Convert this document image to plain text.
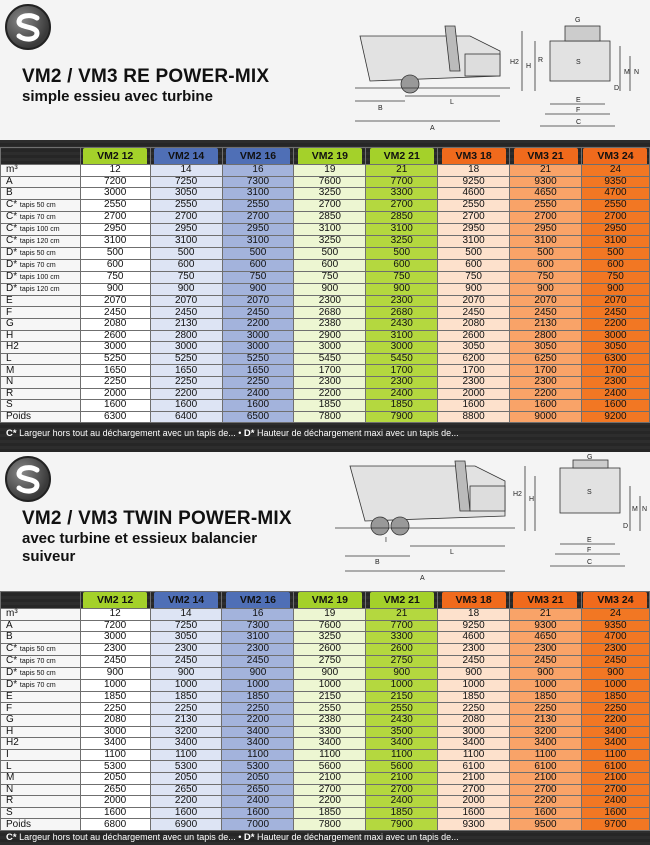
VM2 / VM3 RE POWER-MIX
simple essieu avec turbine
H2
H
R
B
L
A
G
S
E
D
M N
F
C
	VM2 12	VM2 14	VM2 16	VM2 19	VM2 21	VM3 18	VM3 21	VM3 24
m³	12	14	16	19	21	18	21	24
A	7200	7250	7300	7600	7700	9250	9300	9350
B	3000	3050	3100	3250	3300	4600	4650	4700
C* tapis 50 cm	2550	2550	2550	2700	2700	2550	2550	2550
C* tapis 70 cm	2700	2700	2700	2850	2850	2700	2700	2700
C* tapis 100 cm	2950	2950	2950	3100	3100	2950	2950	2950
C* tapis 120 cm	3100	3100	3100	3250	3250	3100	3100	3100
D* tapis 50 cm	500	500	500	500	500	500	500	500
D* tapis 70 cm	600	600	600	600	600	600	600	600
D* tapis 100 cm	750	750	750	750	750	750	750	750
D* tapis 120 cm	900	900	900	900	900	900	900	900
E	2070	2070	2070	2300	2300	2070	2070	2070
F	2450	2450	2450	2680	2680	2450	2450	2450
G	2080	2130	2200	2380	2430	2080	2130	2200
H	2600	2800	3000	2900	3100	2600	2800	3000
H2	3000	3000	3000	3000	3000	3050	3050	3050
L	5250	5250	5250	5450	5450	6200	6250	6300
M	1650	1650	1650	1700	1700	1700	1700	1700
N	2250	2250	2250	2300	2300	2300	2300	2300
R	2000	2200	2400	2200	2400	2000	2200	2400
S	1600	1600	1600	1850	1850	1600	1600	1600
Poids	6300	6400	6500	7800	7900	8800	9000	9200
C* Largeur hors tout au déchargement avec un tapis de... • D* Hauteur de déchargement maxi avec un tapis de...
VM2 / VM3 TWIN POWER-MIX
avec turbine et essieux balancier
suiveur
H2
H
I
B
L
A
G
S
E
D
M N
F
C
	VM2 12	VM2 14	VM2 16	VM2 19	VM2 21	VM3 18	VM3 21	VM3 24
m³	12	14	16	19	21	18	21	24
A	7200	7250	7300	7600	7700	9250	9300	9350
B	3000	3050	3100	3250	3300	4600	4650	4700
C* tapis 50 cm	2300	2300	2300	2600	2600	2300	2300	2300
C* tapis 70 cm	2450	2450	2450	2750	2750	2450	2450	2450
D* tapis 50 cm	900	900	900	900	900	900	900	900
D* tapis 70 cm	1000	1000	1000	1000	1000	1000	1000	1000
E	1850	1850	1850	2150	2150	1850	1850	1850
F	2250	2250	2250	2550	2550	2250	2250	2250
G	2080	2130	2200	2380	2430	2080	2130	2200
H	3000	3200	3400	3300	3500	3000	3200	3400
H2	3400	3400	3400	3400	3400	3400	3400	3400
I	1100	1100	1100	1100	1100	1100	1100	1100
L	5300	5300	5300	5600	5600	6100	6100	6100
M	2050	2050	2050	2100	2100	2100	2100	2100
N	2650	2650	2650	2700	2700	2700	2700	2700
R	2000	2200	2400	2200	2400	2000	2200	2400
S	1600	1600	1600	1850	1850	1600	1600	1600
Poids	6800	6900	7000	7800	7900	9300	9500	9700
C* Largeur hors tout au déchargement avec un tapis de... • D* Hauteur de déchargement maxi avec un tapis de...
